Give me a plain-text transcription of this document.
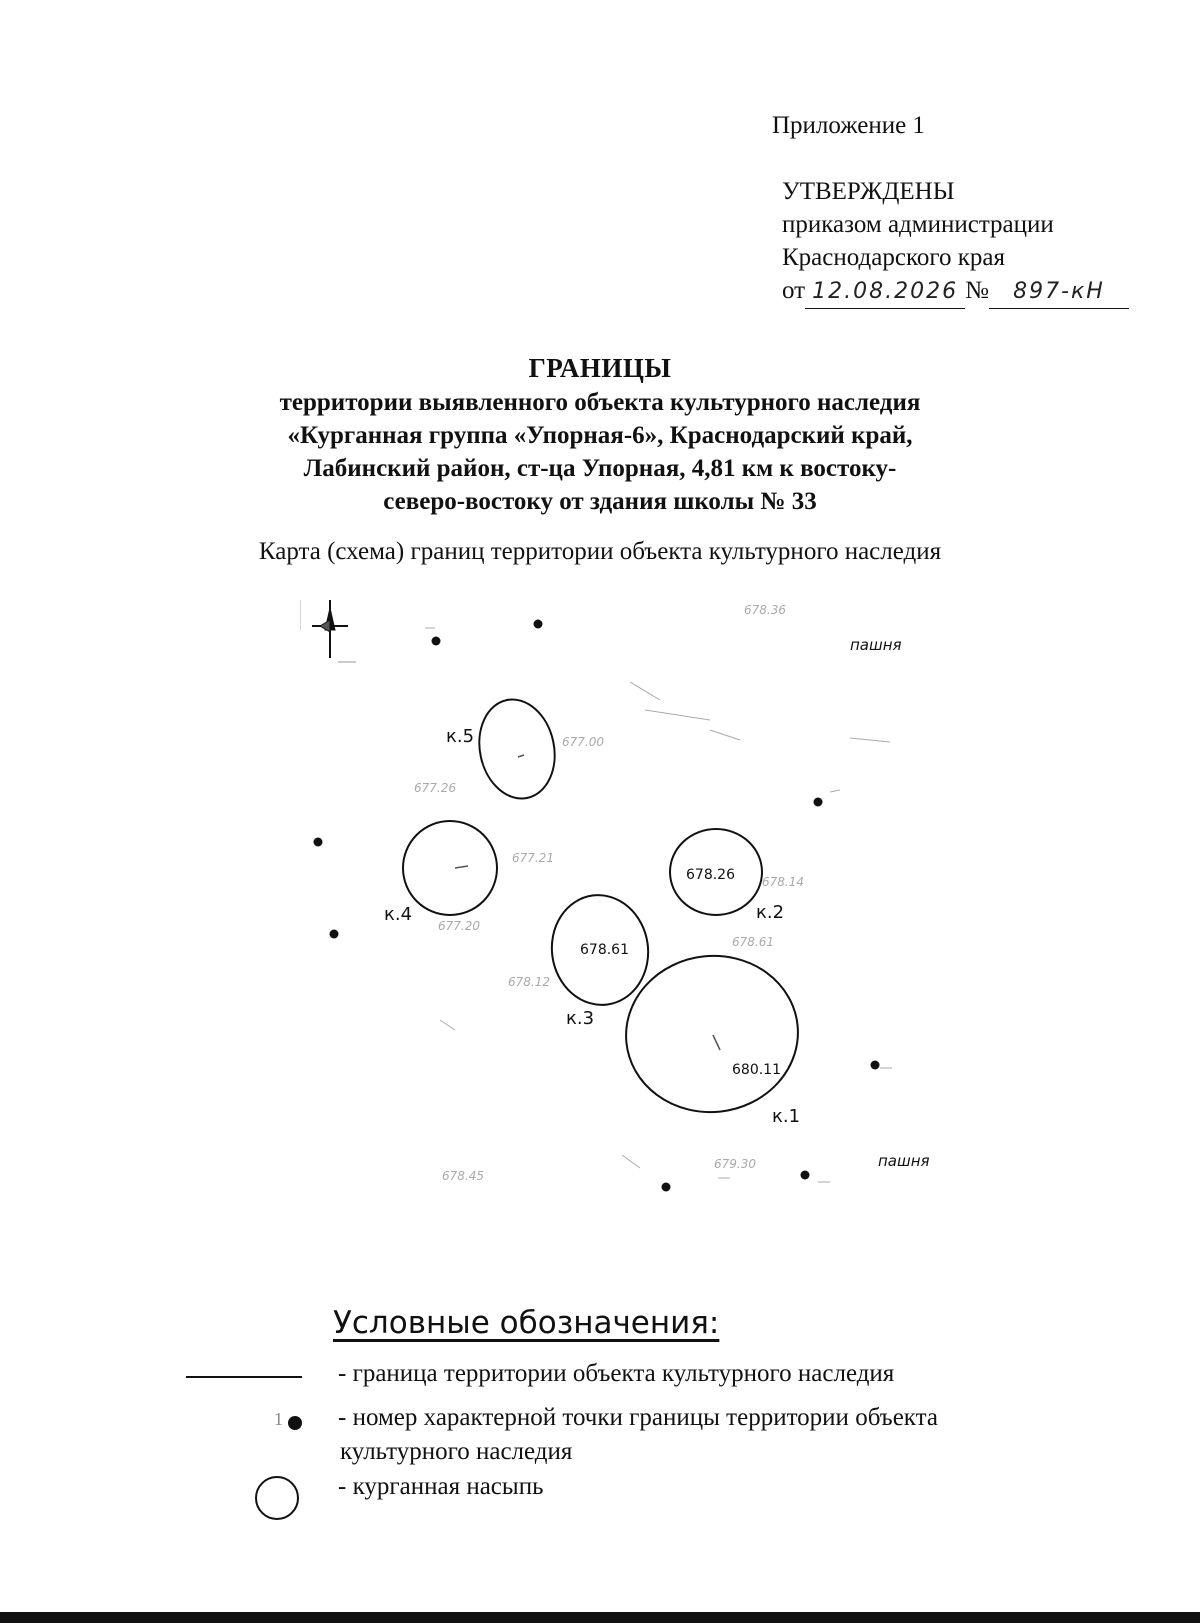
Приложение 1
УТВЕРЖДЕНЫ
приказом администрации
Краснодарского края
от 12.08.2026 № 897-кН
ГРАНИЦЫ
территории выявленного объекта культурного наследия
«Курганная группа «Упорная-6», Краснодарский край,
Лабинский район, ст-ца Упорная, 4,81 км к востоку-
северо-востоку от здания школы № 33
Карта (схема) границ территории объекта культурного наследия
к.5
к.4	к.2
к.3
к.1
678.26
678.61
680.11
678.36
677.00
677.26
677.21
678.14
678.61
677.20
678.12
679.30
678.45
пашня
пашня
Условные обозначения:
- граница территории объекта культурного наследия
1 - номер характерной точки границы территории объекта
культурного наследия
- курганная насыпь
